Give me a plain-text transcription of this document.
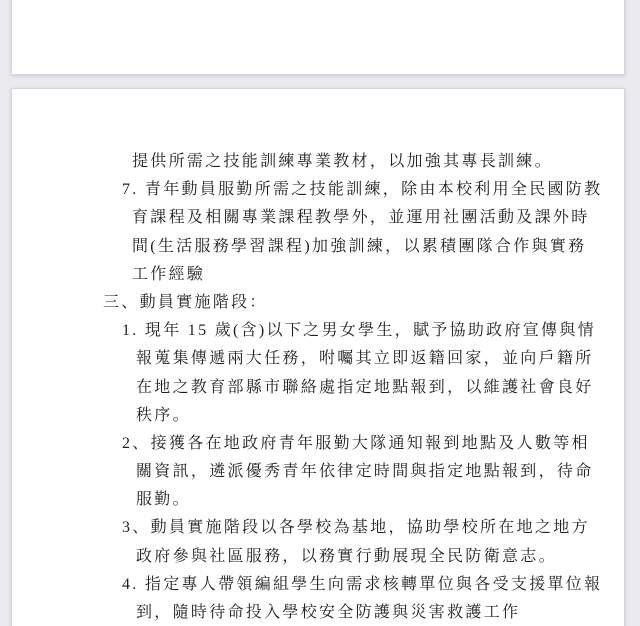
提供所需之技能訓練專業教材，以加強其專長訓練。
7. 青年動員服勤所需之技能訓練，除由本校利用全民國防教
育課程及相關專業課程教學外，並運用社團活動及課外時
間(生活服務學習課程)加強訓練，以累積團隊合作與實務
工作經驗
三、動員實施階段：
1. 現年 15 歲(含)以下之男女學生，賦予協助政府宣傳與情
報蒐集傳遞兩大任務，咐囑其立即返籍回家，並向戶籍所
在地之教育部縣市聯絡處指定地點報到，以維護社會良好
秩序。
2、接獲各在地政府青年服勤大隊通知報到地點及人數等相
關資訊，遴派優秀青年依律定時間與指定地點報到，待命
服勤。
3、動員實施階段以各學校為基地，協助學校所在地之地方
政府參與社區服務，以務實行動展現全民防衛意志。
4. 指定專人帶領編組學生向需求核轉單位與各受支援單位報
到，隨時待命投入學校安全防護與災害救護工作
